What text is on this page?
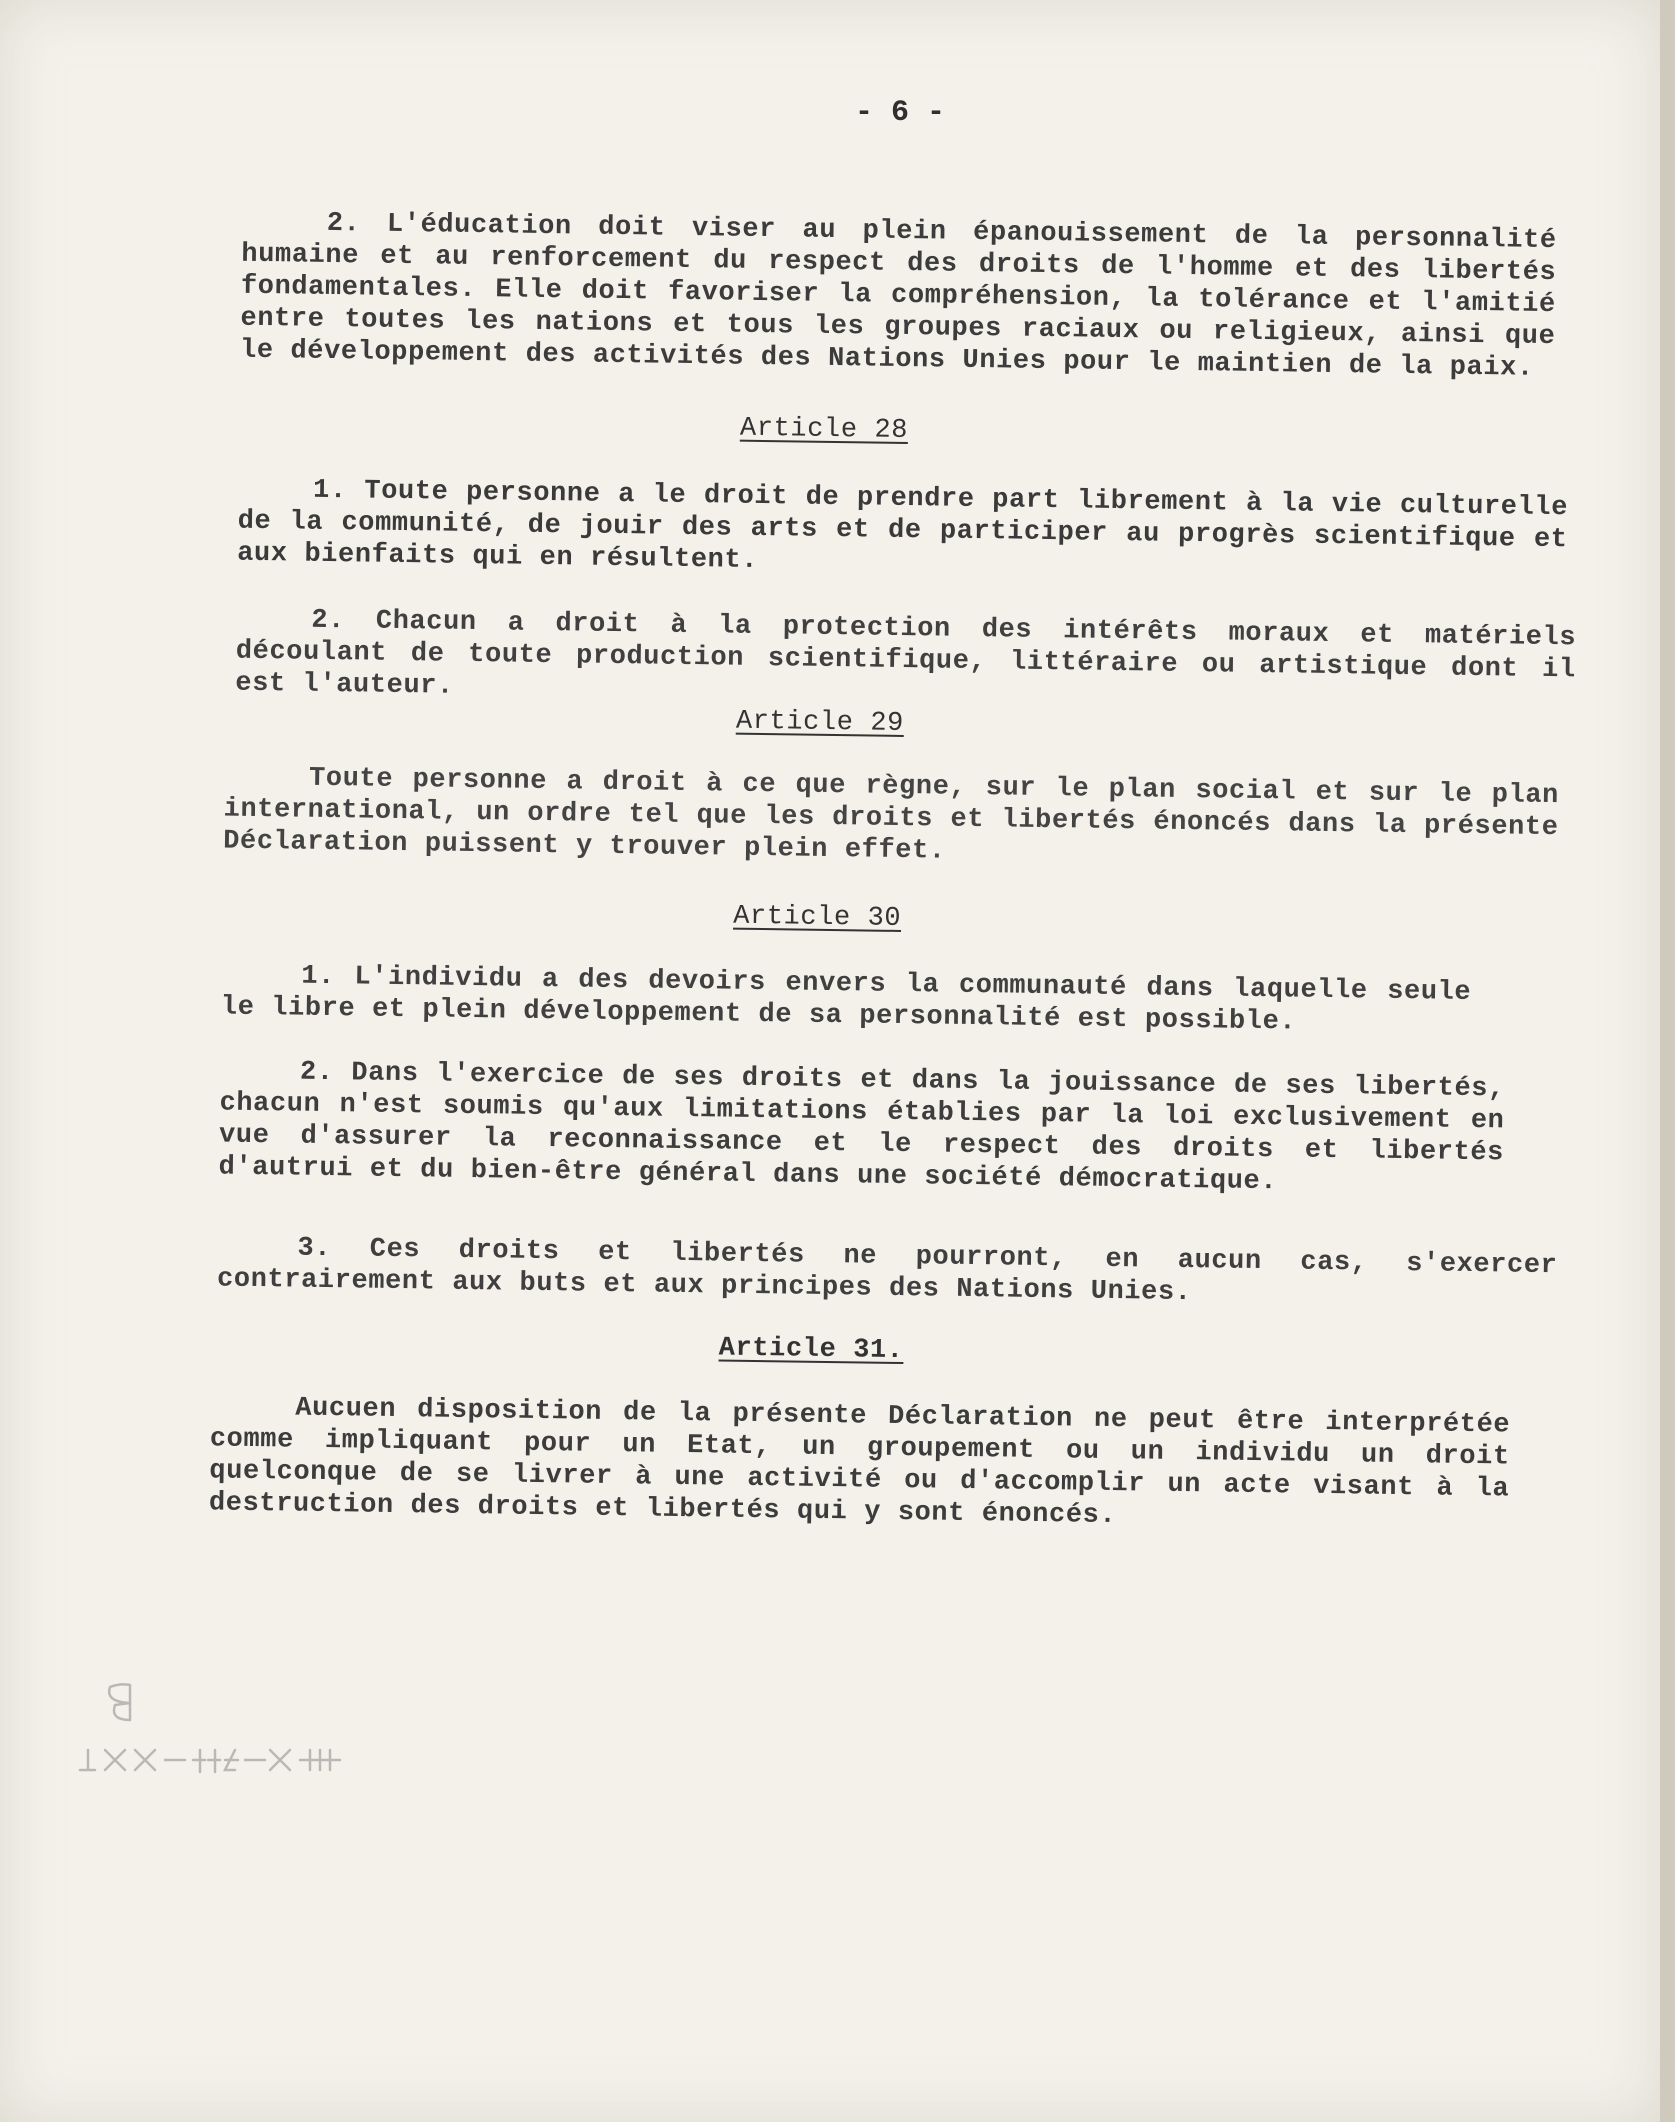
- 6 -
2. L'éducation doit viser au plein épanouissement de la personnalité humaine et au renforcement du respect des droits de l'homme et des libertés fondamentales. Elle doit favoriser la compréhension, la tolérance et l'amitié entre toutes les nations et tous les groupes raciaux ou religieux, ainsi que le développement des activités des Nations Unies pour le maintien de la paix.
Article 28
1. Toute personne a le droit de prendre part librement à la vie culturelle de la communité, de jouir des arts et de participer au progrès scientifique et aux bienfaits qui en résultent.
2. Chacun a droit à la protection des intérêts moraux et matériels découlant de toute production scientifique, littéraire ou artistique dont il est l'auteur.
Article 29
Toute personne a droit à ce que règne, sur le plan social et sur le plan international, un ordre tel que les droits et libertés énoncés dans la présente Déclaration puissent y trouver plein effet.
Article 30
1. L'individu a des devoirs envers la communauté dans laquelle seule le libre et plein développement de sa personnalité est possible.
2. Dans l'exercice de ses droits et dans la jouissance de ses libertés, chacun n'est soumis qu'aux limitations établies par la loi exclusivement en vue d'assurer la reconnaissance et le respect des droits et libertés d'autrui et du bien-être général dans une société démocratique.
3. Ces droits et libertés ne pourront, en aucun cas, s'exercer contrairement aux buts et aux principes des Nations Unies.
Article 31.
Aucuen disposition de la présente Déclaration ne peut être interprétée comme impliquant pour un Etat, un groupement ou un individu un droit quelconque de se livrer à une activité ou d'accomplir un acte visant à la destruction des droits et libertés qui y sont énoncés.
